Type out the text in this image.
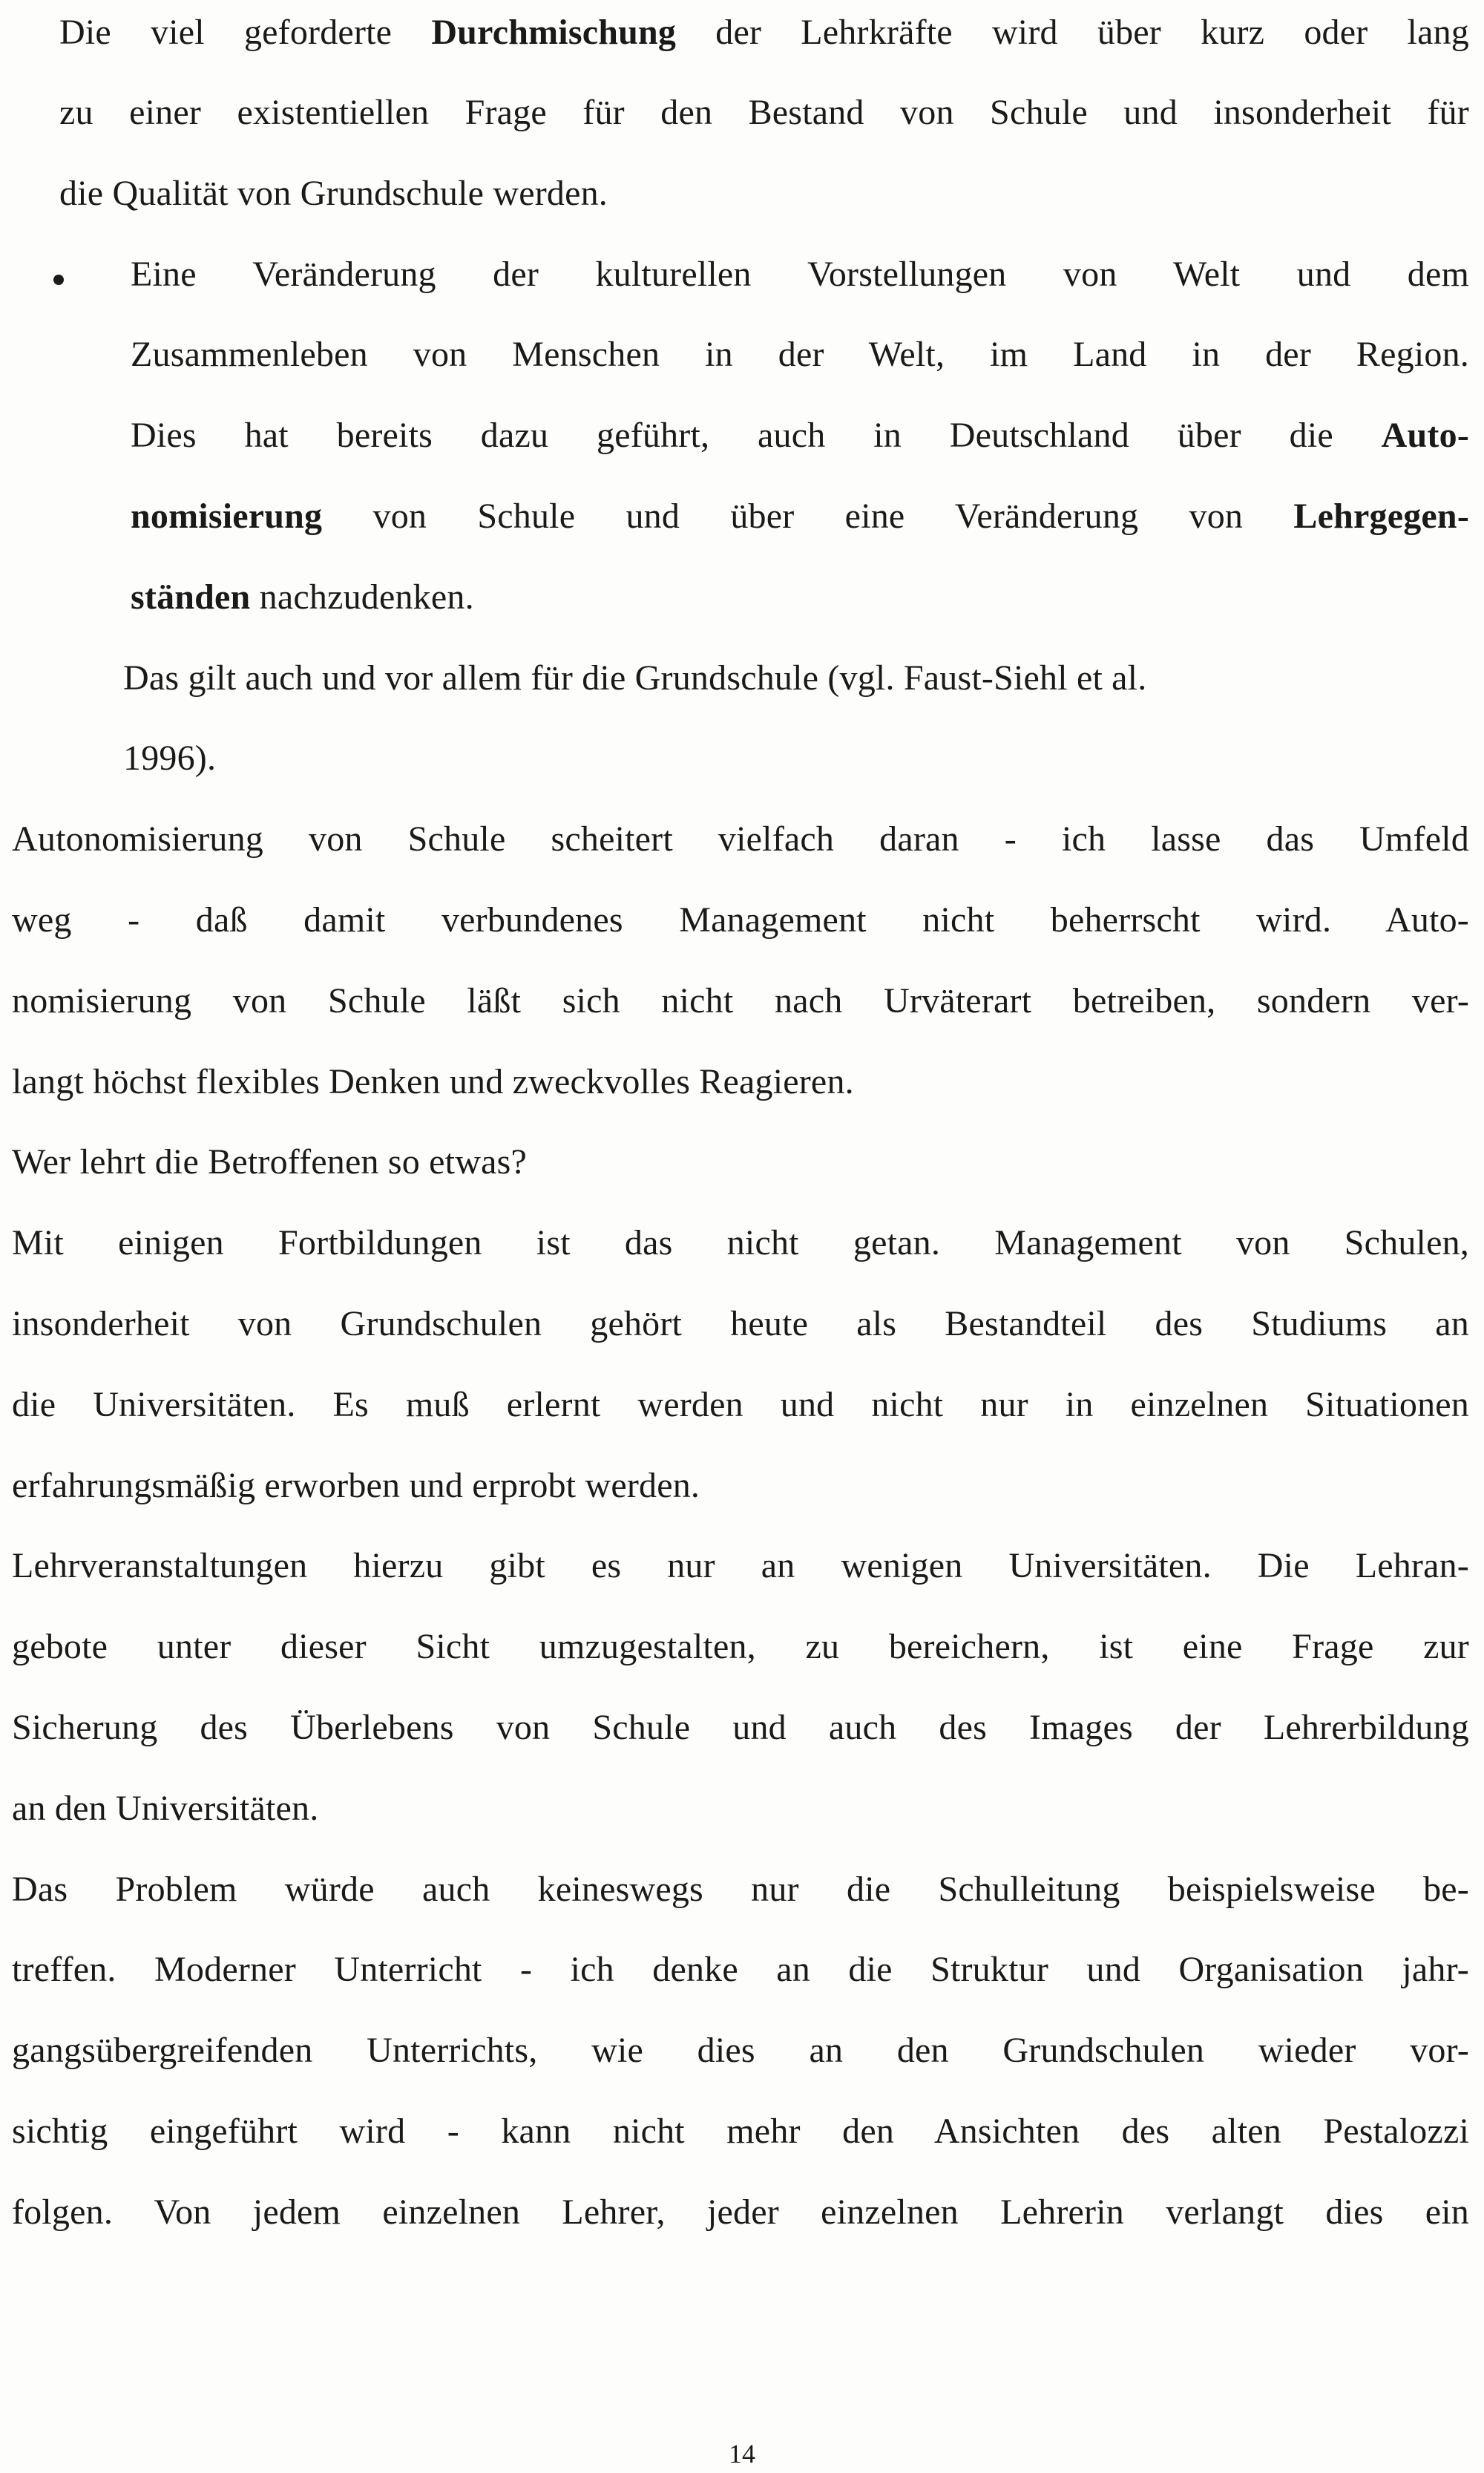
Die viel geforderte Durchmischung der Lehrkräfte wird über kurz oder lang
zu einer existentiellen Frage für den Bestand von Schule und insonderheit für
die Qualität von Grundschule werden.
Eine Veränderung der kulturellen Vorstellungen von Welt und dem
Zusammenleben von Menschen in der Welt, im Land in der Region.
Dies hat bereits dazu geführt, auch in Deutschland über die Auto-
nomisierung von Schule und über eine Veränderung von Lehrgegen-
ständen nachzudenken.
Das gilt auch und vor allem für die Grundschule (vgl. Faust-Siehl et al.
1996).
Autonomisierung von Schule scheitert vielfach daran - ich lasse das Umfeld
weg - daß damit verbundenes Management nicht beherrscht wird. Auto-
nomisierung von Schule läßt sich nicht nach Urväterart betreiben, sondern ver-
langt höchst flexibles Denken und zweckvolles Reagieren.
Wer lehrt die Betroffenen so etwas?
Mit einigen Fortbildungen ist das nicht getan. Management von Schulen,
insonderheit von Grundschulen gehört heute als Bestandteil des Studiums an
die Universitäten. Es muß erlernt werden und nicht nur in einzelnen Situationen
erfahrungsmäßig erworben und erprobt werden.
Lehrveranstaltungen hierzu gibt es nur an wenigen Universitäten. Die Lehran-
gebote unter dieser Sicht umzugestalten, zu bereichern, ist eine Frage zur
Sicherung des Überlebens von Schule und auch des Images der Lehrerbildung
an den Universitäten.
Das Problem würde auch keineswegs nur die Schulleitung beispielsweise be-
treffen. Moderner Unterricht - ich denke an die Struktur und Organisation jahr-
gangsübergreifenden Unterrichts, wie dies an den Grundschulen wieder vor-
sichtig eingeführt wird - kann nicht mehr den Ansichten des alten Pestalozzi
folgen. Von jedem einzelnen Lehrer, jeder einzelnen Lehrerin verlangt dies ein
14
